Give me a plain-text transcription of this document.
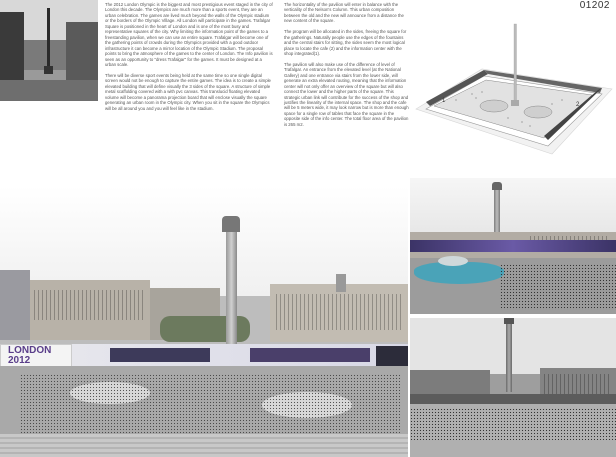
01202

The 2012 London Olympic is the biggest and most prestigious event staged in the city of London this decade. The Olympics are much more than a sports event, they are an urban celebration. The games are lived much beyond the walls of the Olympic stadium or the borders of the Olympic Village. All London will participate in the games. Trafalgar Square is positioned in the heart of London and is one of the most busy and representative squares of the city. Why limiting the information point of the games to a freestanding pavilion, when we can use an entire square. Trafalgar will become one of the gathering points of crowds during the Olympics provided with a good outdoor infrastructure it can become a mirror location of the Olympic Stadium. The proposal points to bring the atmosphere of the games to the center of London. The Info pavilion is seen as an opportunity to "dress Trafalgar" for the games. It must be designed at a urban scale.

There will be diverse sport events being held at the same time so one single digital screen would not be enough to capture the entire games. The idea is to create a simple elevated building that will define visually the 3 sides of the square. A structure of simple metal scaffolding covered with a with pvc canvas. This translucid floating elevated volume will become a panorama projection board that will enclose visually the square generating an urban room in the Olympic city. When you sit in the square the Olympics will be all around you and you will feel like in the stadium.

The horizontality of the pavilion will enter in balance with the verticality of the Nelson's Column. This urban composition between the old and the new will announce from a distance the new content of the square.

The program will be allocated in the sides, freeing the square for the gatherings. Naturally people use the edges of the fountains and the central stairs for sitting, the sides seem the most logical place to locate the cafe (2) and the information center with the shop integrated(1).

The pavilion will also make use of the difference of level of Trafalgar. An entrance from the elevated level (at the National Gallery) and one entrance via stairs from the lower side, will generate an extra elevated routing, meaning that the information center will not only offer an overview of the square but will also connect the lower and the higher parts of the square. This strategic urban link will contribute for the success of the shop and justifies the linearity of the internal space. The shop and the cafe will be 5 meters wide, it may look narrow but is more than enough space for a single row of tables that face the square in the opposite side of the info center. The total floor area of the pavilion is 265 m2.

1
2
LONDON 2012
